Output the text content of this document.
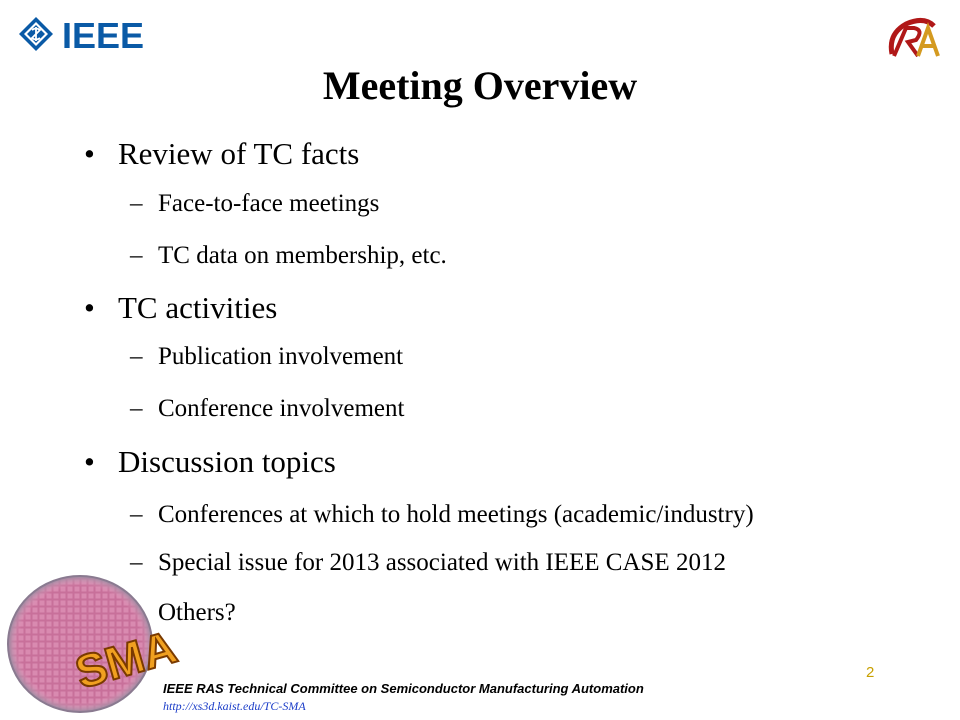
IEEE
Meeting Overview
• Review of TC facts
– Face-to-face meetings
– TC data on membership, etc.
• TC activities
– Publication involvement
– Conference involvement
• Discussion topics
– Conferences at which to hold meetings (academic/industry)
– Special issue for 2013 associated with IEEE CASE 2012
Others?
SMA	2
IEEE RAS Technical Committee on Semiconductor Manufacturing Automation
http://xs3d.kaist.edu/TC-SMA
